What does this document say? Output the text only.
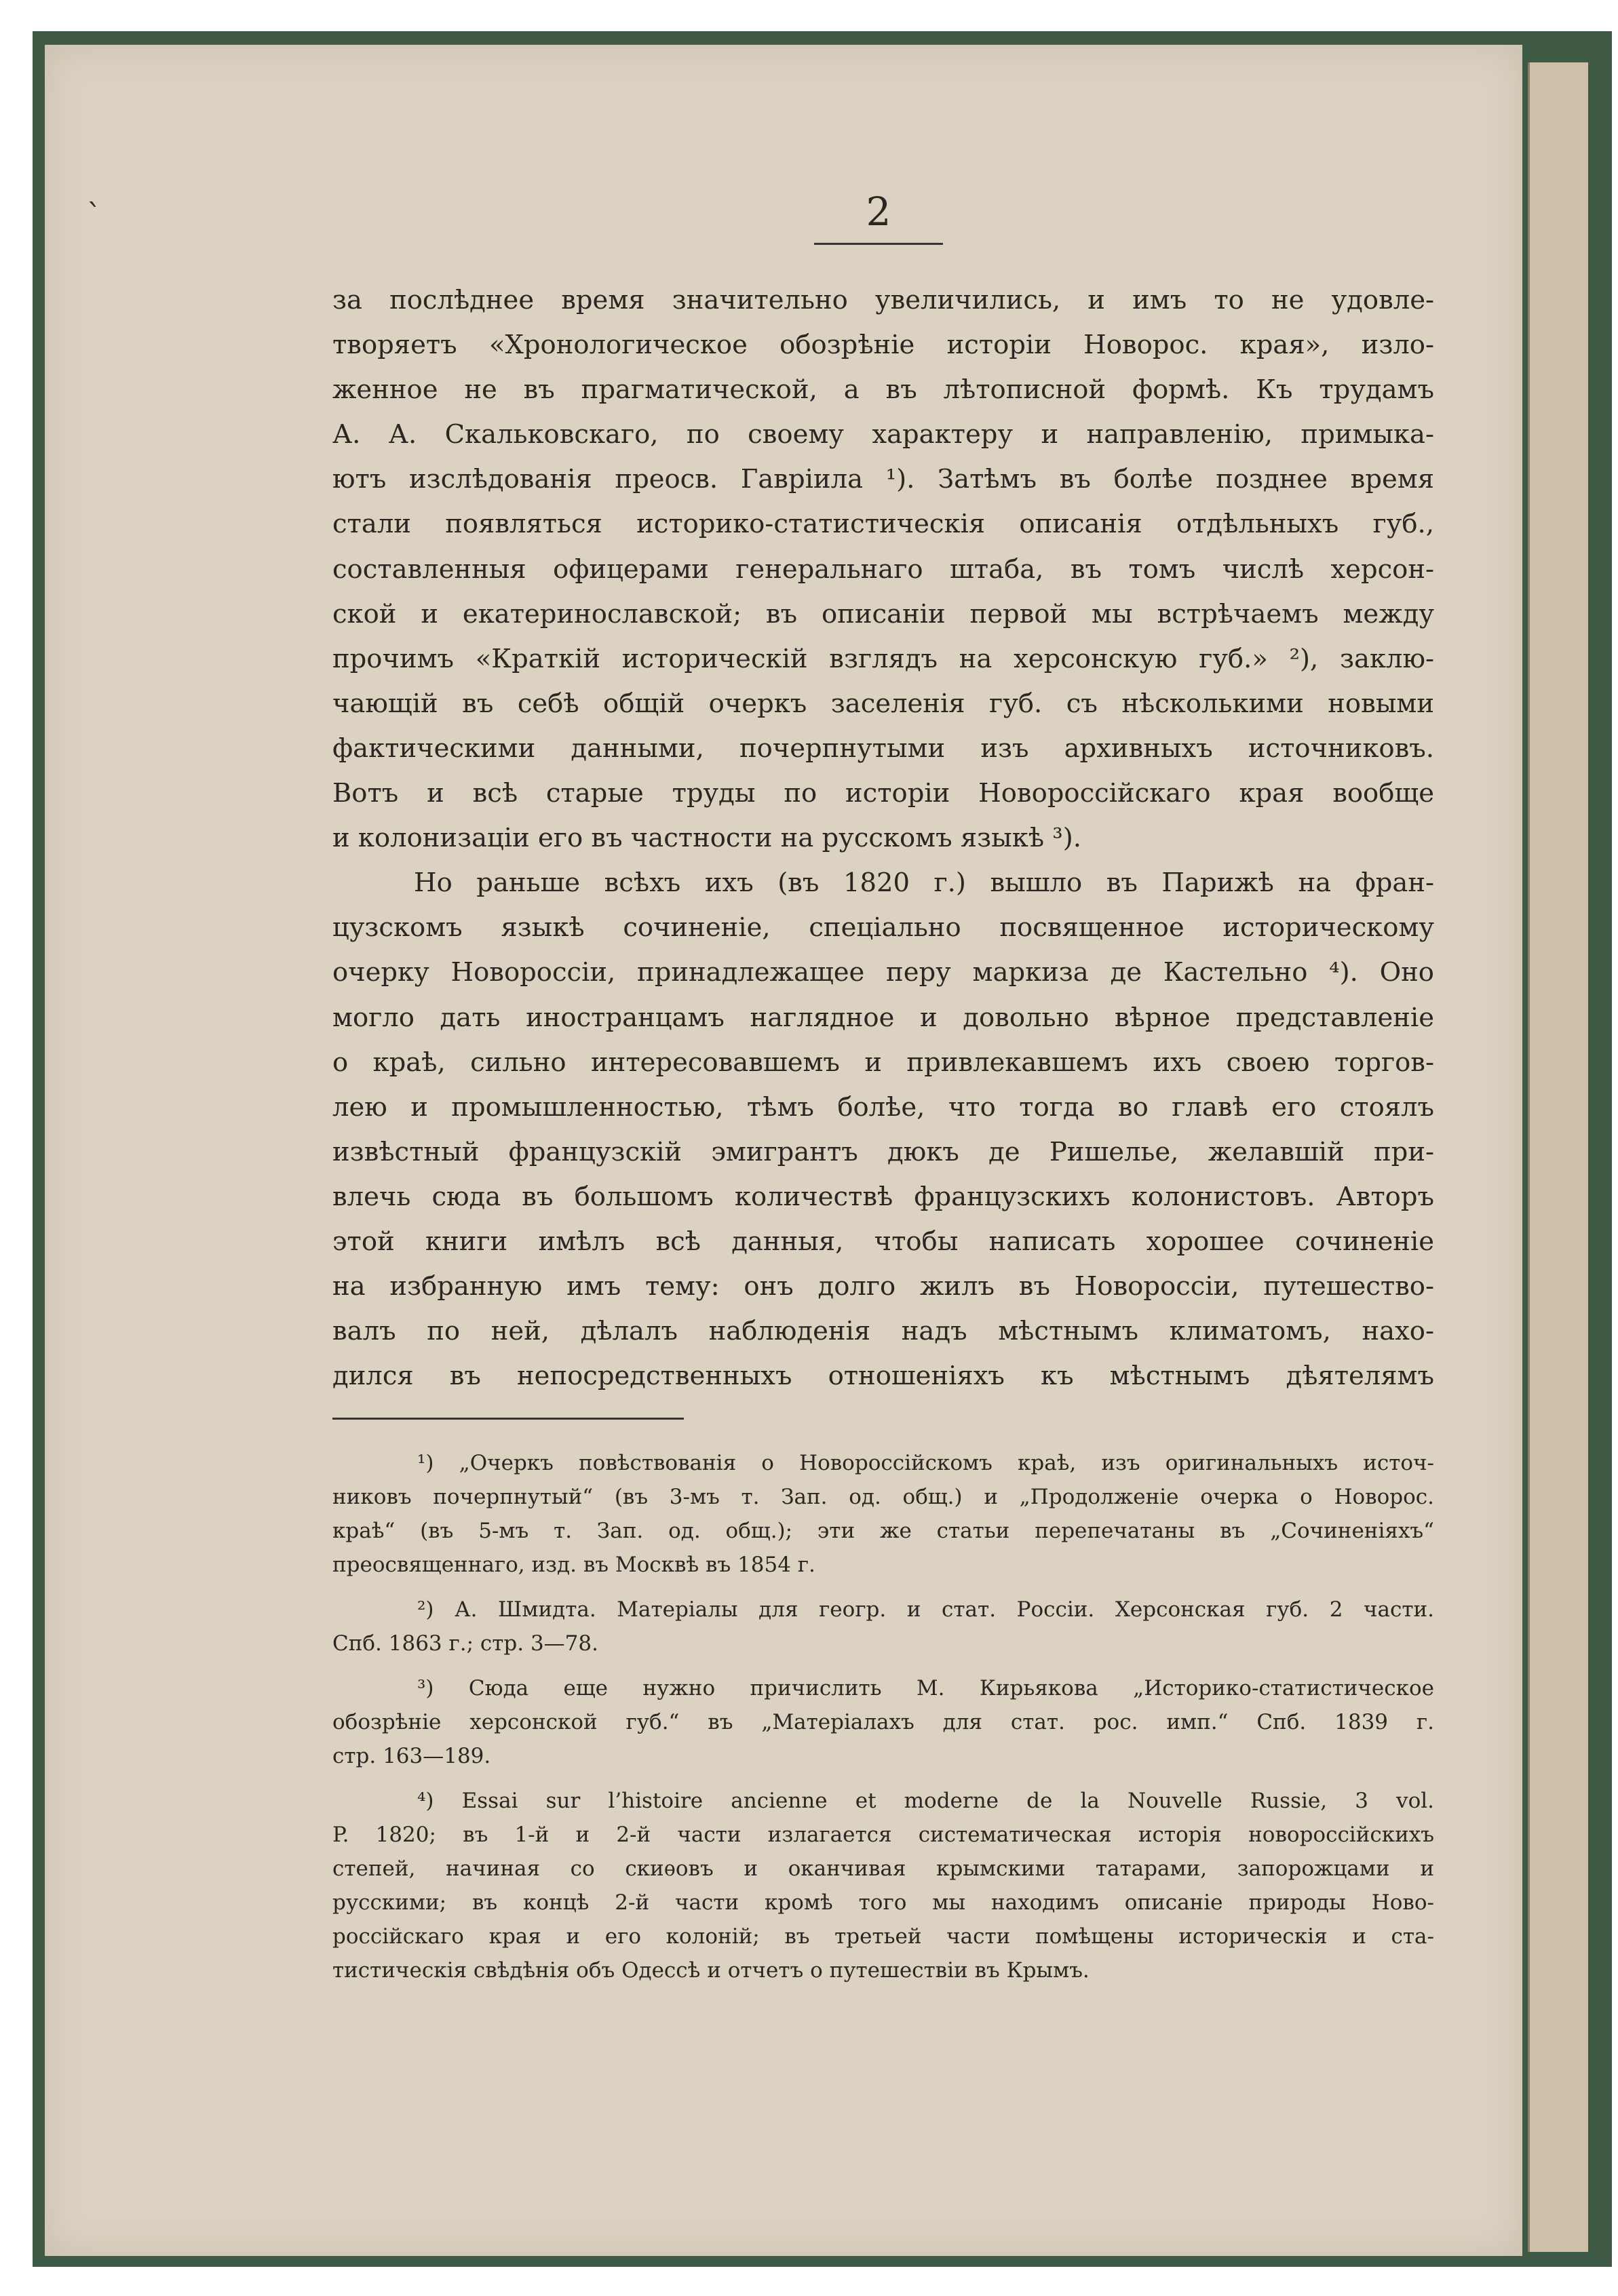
ˋ	2
за послѣднее время значительно увеличились, и имъ то не удовле-
творяетъ «Хронологическое обозрѣніе исторіи Новорос. края», изло-
женное не въ прагматической, а въ лѣтописной формѣ. Къ трудамъ
А. А. Скальковскаго, по своему характеру и направленію, примыка-
ютъ изслѣдованія преосв. Гавріила ¹). Затѣмъ въ болѣе позднее время
стали появляться историко-статистическія описанія отдѣльныхъ губ.,
составленныя офицерами генеральнаго штаба, въ томъ числѣ херсон-
ской и екатеринославской; въ описаніи первой мы встрѣчаемъ между
прочимъ «Краткій историческій взглядъ на херсонскую губ.» ²), заклю-
чающій въ себѣ общій очеркъ заселенія губ. съ нѣсколькими новыми
фактическими данными, почерпнутыми изъ архивныхъ источниковъ.
Вотъ и всѣ старые труды по исторіи Новороссійскаго края вообще
и колонизаціи его въ частности на русскомъ языкѣ ³).
Но раньше всѣхъ ихъ (въ 1820 г.) вышло въ Парижѣ на фран-
цузскомъ языкѣ сочиненіе, спеціально посвященное историческому
очерку Новороссіи, принадлежащее перу маркиза де Кастельно ⁴). Оно
могло дать иностранцамъ наглядное и довольно вѣрное представленіе
о краѣ, сильно интересовавшемъ и привлекавшемъ ихъ своею торгов-
лею и промышленностью, тѣмъ болѣе, что тогда во главѣ его стоялъ
извѣстный французскій эмигрантъ дюкъ де Ришелье, желавшій при-
влечь сюда въ большомъ количествѣ французскихъ колонистовъ. Авторъ
этой книги имѣлъ всѣ данныя, чтобы написать хорошее сочиненіе
на избранную имъ тему: онъ долго жилъ въ Новороссіи, путешество-
валъ по ней, дѣлалъ наблюденія надъ мѣстнымъ климатомъ, нахо-
дился въ непосредственныхъ отношеніяхъ къ мѣстнымъ дѣятелямъ
¹) „Очеркъ повѣствованія о Новороссійскомъ краѣ, изъ оригинальныхъ источ-
никовъ почерпнутый“ (въ 3-мъ т. Зап. од. общ.) и „Продолженіе очерка о Новорос.
краѣ“ (въ 5-мъ т. Зап. од. общ.); эти же статьи перепечатаны въ „Сочиненіяхъ“
преосвященнаго, изд. въ Москвѣ въ 1854 г.
²) А. Шмидта. Матеріалы для геогр. и стат. Россіи. Херсонская губ. 2 части.
Спб. 1863 г.; стр. 3—78.
³) Сюда еще нужно причислить М. Кирьякова „Историко-статистическое
обозрѣніе херсонской губ.“ въ „Матеріалахъ для стат. рос. имп.“ Спб. 1839 г.
стр. 163—189.
⁴) Essai sur l’histoire ancienne et moderne de la Nouvelle Russie, 3 vol.
P. 1820; въ 1-й и 2-й части излагается систематическая исторія новороссійскихъ
степей, начиная со скиѳовъ и оканчивая крымскими татарами, запорожцами и
русскими; въ концѣ 2-й части кромѣ того мы находимъ описаніе природы Ново-
россійскаго края и его колоній; въ третьей части помѣщены историческія и ста-
тистическія свѣдѣнія объ Одессѣ и отчетъ о путешествіи въ Крымъ.
